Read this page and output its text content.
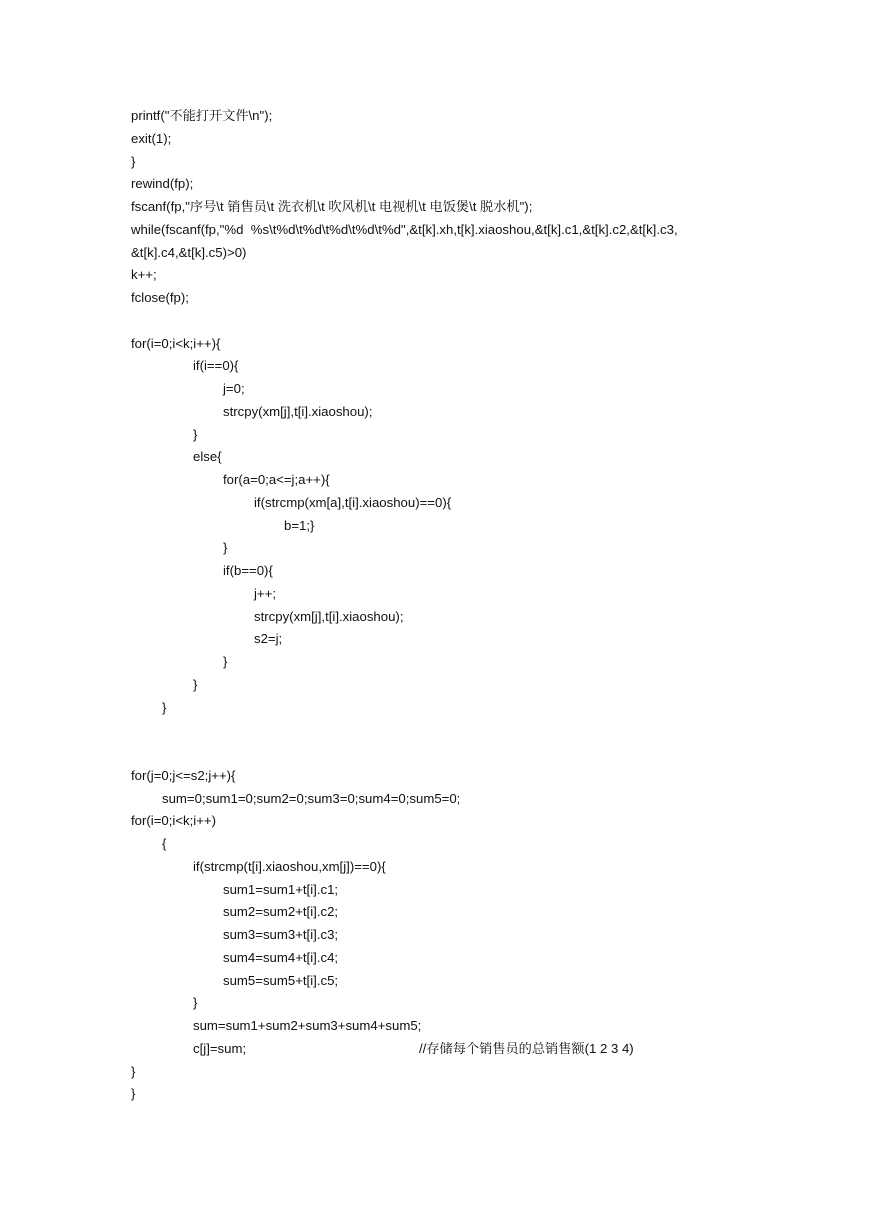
printf("不能打开文件\n");
exit(1);
}
rewind(fp);
fscanf(fp,"序号\t 销售员\t 洗衣机\t 吹风机\t 电视机\t 电饭煲\t 脱水机");
while(fscanf(fp,"%d  %s\t%d\t%d\t%d\t%d\t%d",&t[k].xh,t[k].xiaoshou,&t[k].c1,&t[k].c2,&t[k].c3,
&t[k].c4,&t[k].c5)>0)
k++;
fclose(fp);
for(i=0;i<k;i++){
if(i==0){
j=0;
strcpy(xm[j],t[i].xiaoshou);
}
else{
for(a=0;a<=j;a++){
if(strcmp(xm[a],t[i].xiaoshou)==0){
b=1;}
}
if(b==0){
j++;
strcpy(xm[j],t[i].xiaoshou);
s2=j;
}
}
}
for(j=0;j<=s2;j++){
sum=0;sum1=0;sum2=0;sum3=0;sum4=0;sum5=0;
for(i=0;i<k;i++)
{
if(strcmp(t[i].xiaoshou,xm[j])==0){
sum1=sum1+t[i].c1;
sum2=sum2+t[i].c2;
sum3=sum3+t[i].c3;
sum4=sum4+t[i].c4;
sum5=sum5+t[i].c5;
}
sum=sum1+sum2+sum3+sum4+sum5;
c[j]=sum;	//存储每个销售员的总销售额(1 2 3 4)
}
}
